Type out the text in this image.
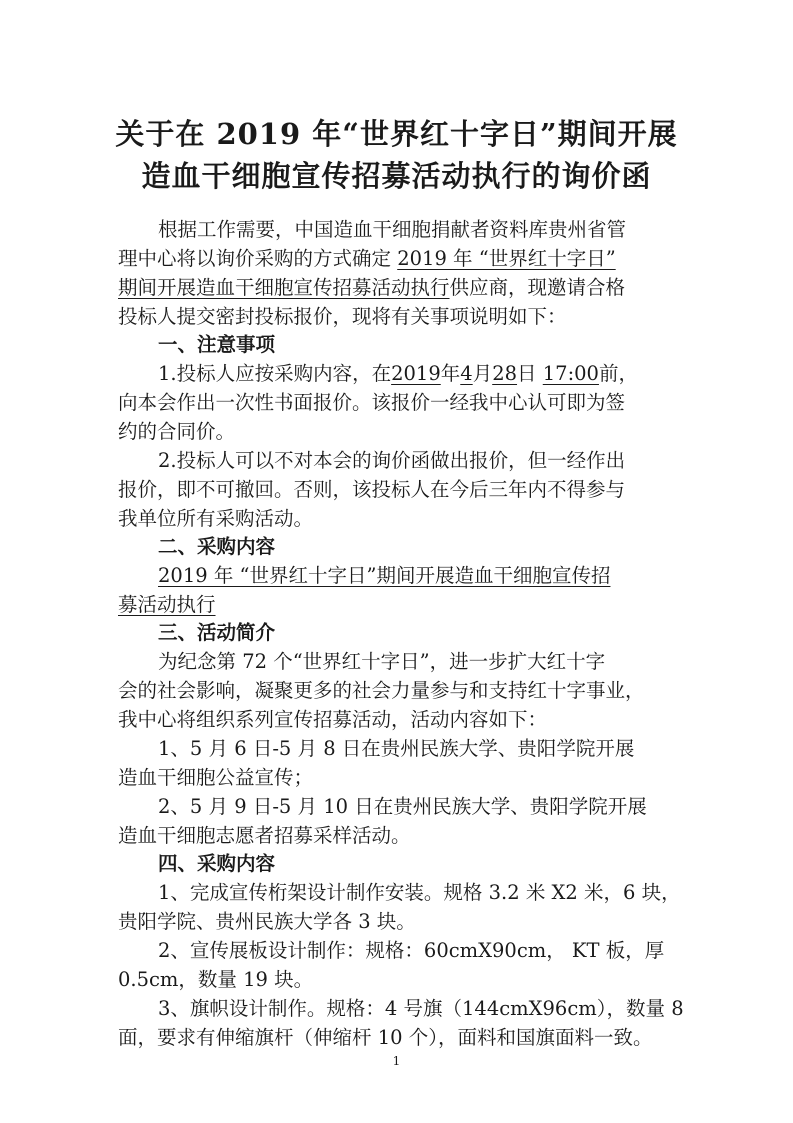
关于在 2019 年“世界红十字日”期间开展
造血干细胞宣传招募活动执行的询价函
根据工作需要，中国造血干细胞捐献者资料库贵州省管
理中心将以询价采购的方式确定 2019 年 “世界红十字日”
期间开展造血干细胞宣传招募活动执行供应商，现邀请合格
投标人提交密封投标报价，现将有关事项说明如下：
一、注意事项
1.投标人应按采购内容，在2019年4月28日 17:00前，
向本会作出一次性书面报价。该报价一经我中心认可即为签
约的合同价。
2.投标人可以不对本会的询价函做出报价，但一经作出
报价，即不可撤回。否则，该投标人在今后三年内不得参与
我单位所有采购活动。
二、采购内容
2019 年 “世界红十字日”期间开展造血干细胞宣传招
募活动执行
三、活动简介
为纪念第 72 个“世界红十字日”，进一步扩大红十字
会的社会影响，凝聚更多的社会力量参与和支持红十字事业，
我中心将组织系列宣传招募活动，活动内容如下：
1、5 月 6 日-5 月 8 日在贵州民族大学、贵阳学院开展
造血干细胞公益宣传；
2、5 月 9 日-5 月 10 日在贵州民族大学、贵阳学院开展
造血干细胞志愿者招募采样活动。
四、采购内容
1、完成宣传桁架设计制作安装。规格 3.2 米 X2 米，6 块，
贵阳学院、贵州民族大学各 3 块。
2、宣传展板设计制作：规格：60cmX90cm， KT 板，厚
0.5cm，数量 19 块。
3、旗帜设计制作。规格：4 号旗（144cmX96cm），数量 8
面，要求有伸缩旗杆（伸缩杆 10 个），面料和国旗面料一致。
1
